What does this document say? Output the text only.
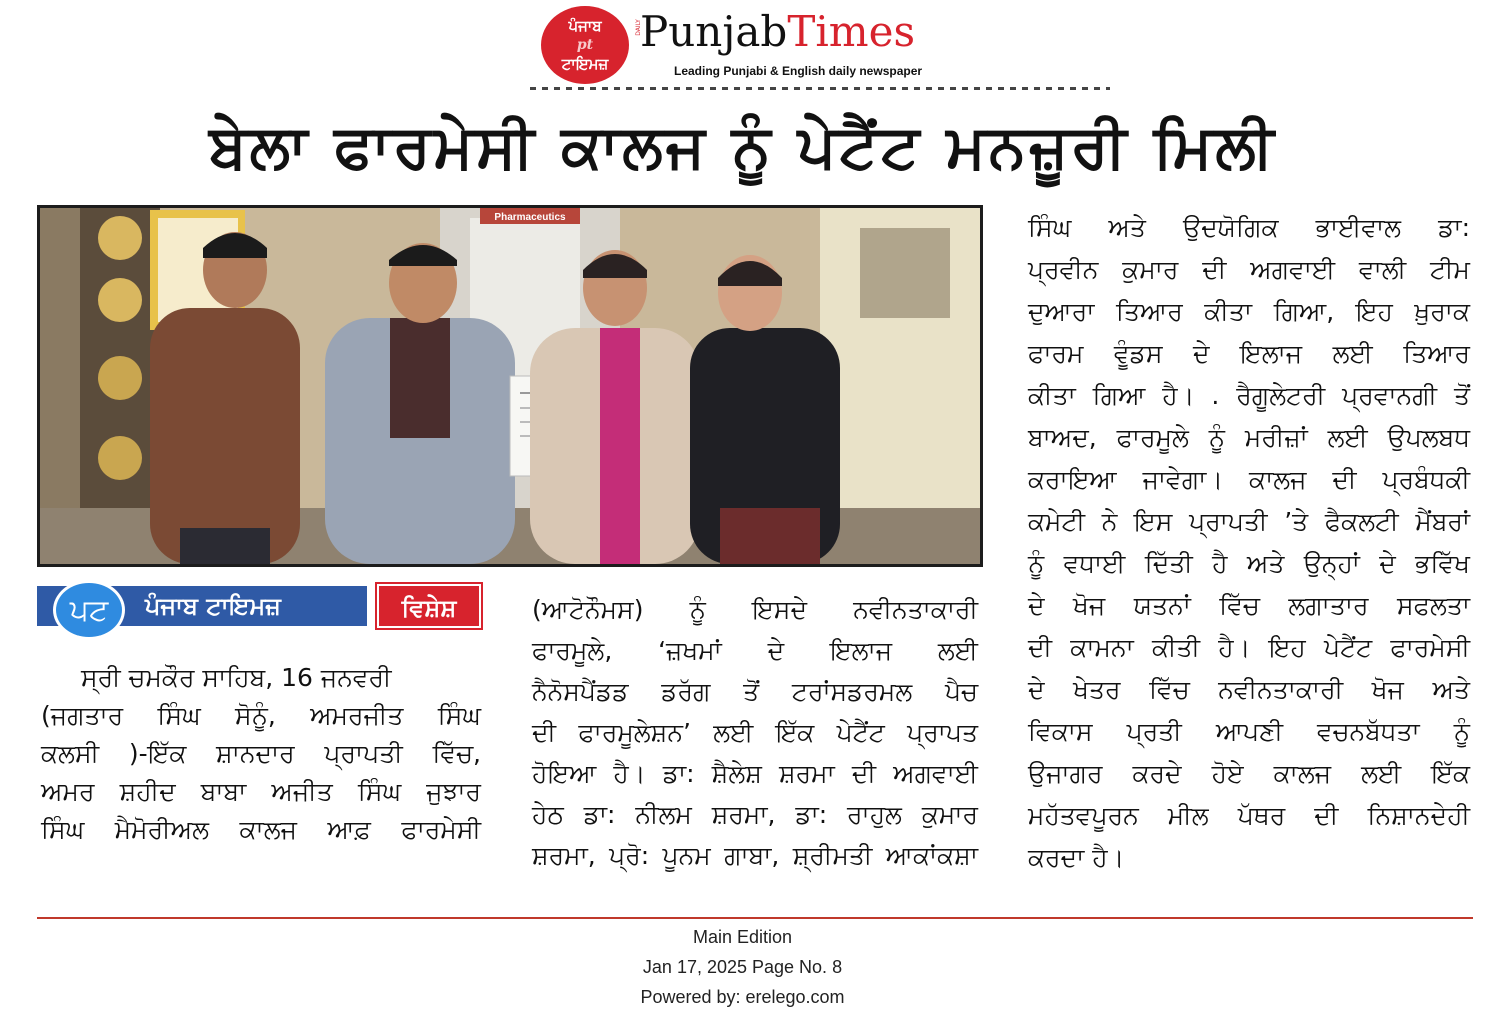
ਪੰਜਾਬ
pt
ਟਾਇਮਜ਼
DAILY
PunjabTimes
Leading Punjabi & English daily newspaper
ਬੇਲਾ ਫਾਰਮੇਸੀ ਕਾਲਜ ਨੂੰ ਪੇਟੈਂਟ ਮਨਜ਼ੂਰੀ ਮਿਲੀ
Pharmaceutics
ਪਟ	ਪੰਜਾਬ ਟਾਇਮਜ਼	ਵਿਸ਼ੇਸ਼
ਸ੍ਰੀ ਚਮਕੌਰ ਸਾਹਿਬ, 16 ਜਨਵਰੀ
(ਜਗਤਾਰ ਸਿੰਘ ਸੋਨੂੰ, ਅਮਰਜੀਤ ਸਿੰਘ
ਕਲਸੀ )-ਇੱਕ ਸ਼ਾਨਦਾਰ ਪ੍ਰਾਪਤੀ ਵਿੱਚ,
ਅਮਰ ਸ਼ਹੀਦ ਬਾਬਾ ਅਜੀਤ ਸਿੰਘ ਜੁਝਾਰ
ਸਿੰਘ ਮੈਮੋਰੀਅਲ ਕਾਲਜ ਆਫ਼ ਫਾਰਮੇਸੀ
(ਆਟੋਨੌਮਸ) ਨੂੰ ਇਸਦੇ ਨਵੀਨਤਾਕਾਰੀ
ਫਾਰਮੂਲੇ, ‘ਜ਼ਖਮਾਂ ਦੇ ਇਲਾਜ ਲਈ
ਨੈਨੋਸਪੈਂਡਡ ਡਰੱਗ ਤੋਂ ਟਰਾਂਸਡਰਮਲ ਪੈਚ
ਦੀ ਫਾਰਮੂਲੇਸ਼ਨ’ ਲਈ ਇੱਕ ਪੇਟੈਂਟ ਪ੍ਰਾਪਤ
ਹੋਇਆ ਹੈ। ਡਾ: ਸ਼ੈਲੇਸ਼ ਸ਼ਰਮਾ ਦੀ ਅਗਵਾਈ
ਹੇਠ ਡਾ: ਨੀਲਮ ਸ਼ਰਮਾ, ਡਾ: ਰਾਹੁਲ ਕੁਮਾਰ
ਸ਼ਰਮਾ, ਪ੍ਰੋ: ਪੂਨਮ ਗਾਬਾ, ਸ਼੍ਰੀਮਤੀ ਆਕਾਂਕਸ਼ਾ
ਸਿੰਘ ਅਤੇ ਉਦਯੋਗਿਕ ਭਾਈਵਾਲ ਡਾ:
ਪ੍ਰਵੀਨ ਕੁਮਾਰ ਦੀ ਅਗਵਾਈ ਵਾਲੀ ਟੀਮ
ਦੁਆਰਾ ਤਿਆਰ ਕੀਤਾ ਗਿਆ, ਇਹ ਖ਼ੁਰਾਕ
ਫਾਰਮ ਵੂੰਡਸ ਦੇ ਇਲਾਜ ਲਈ ਤਿਆਰ
ਕੀਤਾ ਗਿਆ ਹੈ। . ਰੈਗੂਲੇਟਰੀ ਪ੍ਰਵਾਨਗੀ ਤੋਂ
ਬਾਅਦ, ਫਾਰਮੂਲੇ ਨੂੰ ਮਰੀਜ਼ਾਂ ਲਈ ਉਪਲਬਧ
ਕਰਾਇਆ ਜਾਵੇਗਾ। ਕਾਲਜ ਦੀ ਪ੍ਰਬੰਧਕੀ
ਕਮੇਟੀ ਨੇ ਇਸ ਪ੍ਰਾਪਤੀ ’ਤੇ ਫੈਕਲਟੀ ਮੈਂਬਰਾਂ
ਨੂੰ ਵਧਾਈ ਦਿੱਤੀ ਹੈ ਅਤੇ ਉਨ੍ਹਾਂ ਦੇ ਭਵਿੱਖ
ਦੇ ਖੋਜ ਯਤਨਾਂ ਵਿੱਚ ਲਗਾਤਾਰ ਸਫਲਤਾ
ਦੀ ਕਾਮਨਾ ਕੀਤੀ ਹੈ। ਇਹ ਪੇਟੈਂਟ ਫਾਰਮੇਸੀ
ਦੇ ਖੇਤਰ ਵਿੱਚ ਨਵੀਨਤਾਕਾਰੀ ਖੋਜ ਅਤੇ
ਵਿਕਾਸ ਪ੍ਰਤੀ ਆਪਣੀ ਵਚਨਬੱਧਤਾ ਨੂੰ
ਉਜਾਗਰ ਕਰਦੇ ਹੋਏ ਕਾਲਜ ਲਈ ਇੱਕ
ਮਹੱਤਵਪੂਰਨ ਮੀਲ ਪੱਥਰ ਦੀ ਨਿਸ਼ਾਨਦੇਹੀ
ਕਰਦਾ ਹੈ।
Main Edition
Jan 17, 2025 Page No. 8
Powered by: erelego.com
